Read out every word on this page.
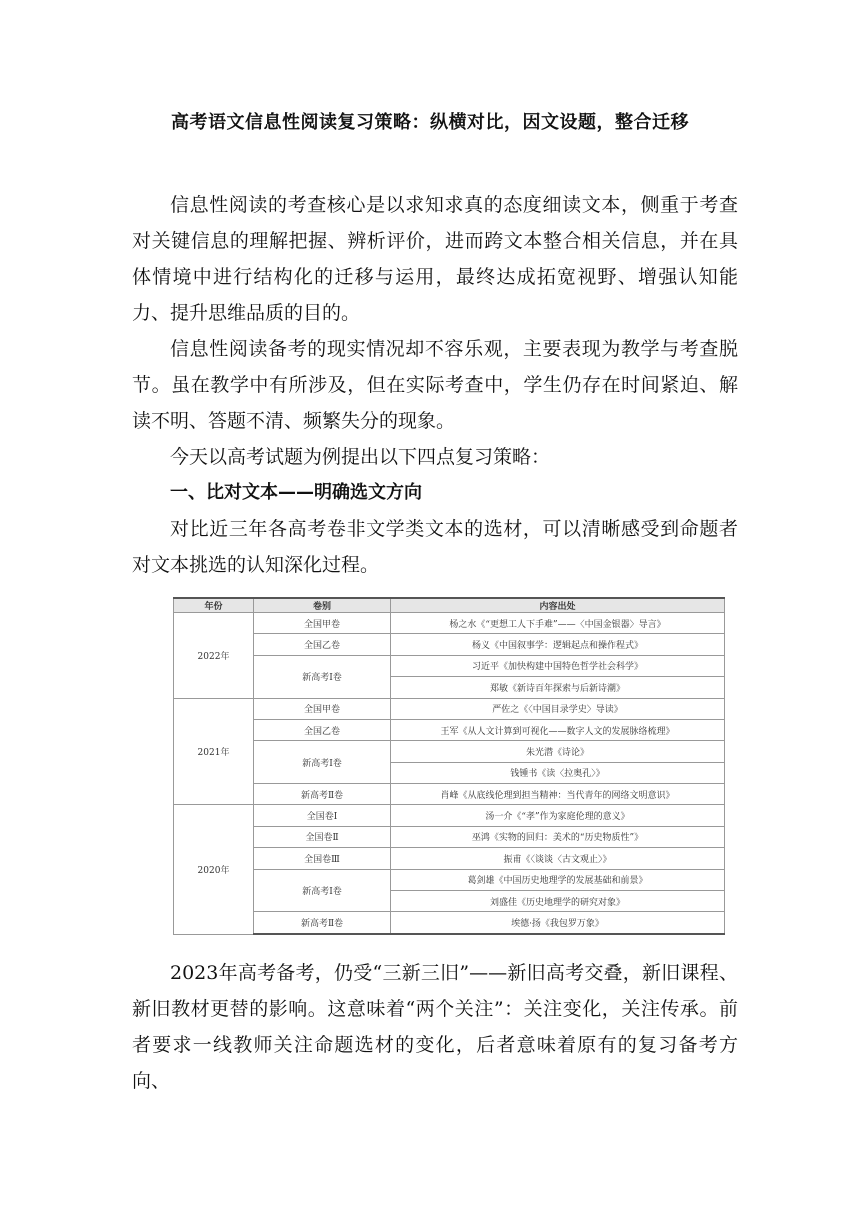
高考语文信息性阅读复习策略：纵横对比，因文设题，整合迁移

信息性阅读的考查核心是以求知求真的态度细读文本，侧重于考查对关键信息的理解把握、辨析评价，进而跨文本整合相关信息，并在具体情境中进行结构化的迁移与运用，最终达成拓宽视野、增强认知能力、提升思维品质的目的。

信息性阅读备考的现实情况却不容乐观，主要表现为教学与考查脱节。虽在教学中有所涉及，但在实际考查中，学生仍存在时间紧迫、解读不明、答题不清、频繁失分的现象。

今天以高考试题为例提出以下四点复习策略：

一、比对文本——明确选文方向

对比近三年各高考卷非文学类文本的选材，可以清晰感受到命题者对文本挑选的认知深化过程。

年份	卷别	内容出处
2022年	全国甲卷	杨之水《“更想工人下手难”——〈中国金银器〉导言》
	全国乙卷	杨义《中国叙事学：逻辑起点和操作程式》
	新高考Ⅰ卷	习近平《加快构建中国特色哲学社会科学》
		郑敏《新诗百年探索与后新诗潮》
2021年	全国甲卷	严佐之《〈中国目录学史〉导读》
	全国乙卷	王军《从人文计算到可视化——数字人文的发展脉络梳理》
	新高考Ⅰ卷	朱光潜《诗论》
		钱锺书《读〈拉奥孔〉》
	新高考Ⅱ卷	肖峰《从底线伦理到担当精神：当代青年的网络文明意识》
2020年	全国卷Ⅰ	汤一介《“孝”作为家庭伦理的意义》
	全国卷Ⅱ	巫鸿《实物的回归：美术的“历史物质性”》
	全国卷Ⅲ	振甫《〈谈谈〈古文观止〉》
	新高考Ⅰ卷	葛剑雄《中国历史地理学的发展基础和前景》
		刘盛佳《历史地理学的研究对象》
	新高考Ⅱ卷	埃德·扬《我包罗万象》

2023年高考备考，仍受“三新三旧”——新旧高考交叠，新旧课程、新旧教材更替的影响。这意味着“两个关注”：关注变化，关注传承。前者要求一线教师关注命题选材的变化，后者意味着原有的复习备考方向、
